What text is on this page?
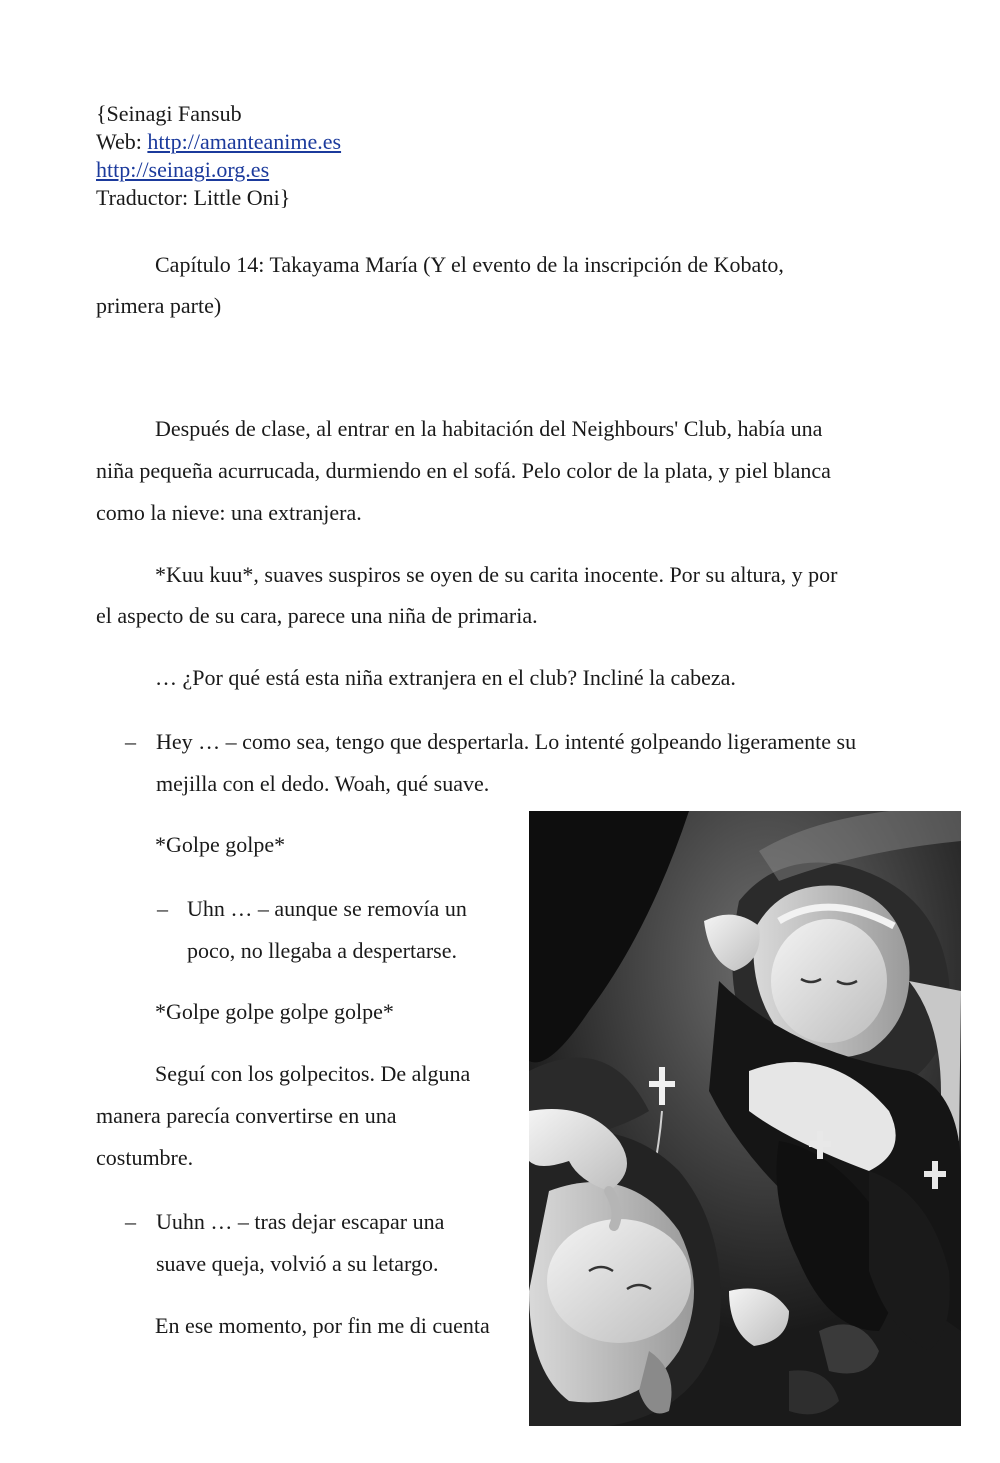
{Seinagi Fansub
Web: http://amanteanime.es
http://seinagi.org.es
Traductor: Little Oni}
Capítulo 14: Takayama María (Y el evento de la inscripción de Kobato,
primera parte)
Después de clase, al entrar en la habitación del Neighbours' Club, había una
niña pequeña acurrucada, durmiendo en el sofá. Pelo color de la plata, y piel blanca
como la nieve: una extranjera.
*Kuu kuu*, suaves suspiros se oyen de su carita inocente. Por su altura, y por
el aspecto de su cara, parece una niña de primaria.
… ¿Por qué está esta niña extranjera en el club? Incliné la cabeza.
– Hey … – como sea, tengo que despertarla. Lo intenté golpeando ligeramente su
mejilla con el dedo. Woah, qué suave.
*Golpe golpe*
– Uhn … – aunque se removía un
poco, no llegaba a despertarse.
*Golpe golpe golpe golpe*
Seguí con los golpecitos. De alguna
manera parecía convertirse en una
costumbre.
– Uuhn … – tras dejar escapar una
suave queja, volvió a su letargo.
En ese momento, por fin me di cuenta
